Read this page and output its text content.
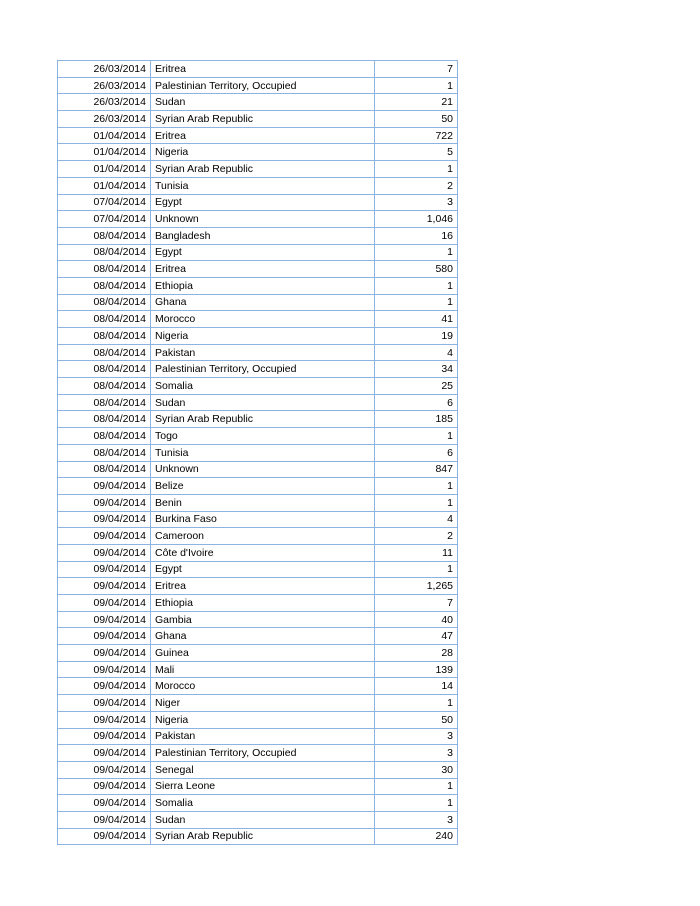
26/03/2014	Eritrea	7
26/03/2014	Palestinian Territory, Occupied	1
26/03/2014	Sudan	21
26/03/2014	Syrian Arab Republic	50
01/04/2014	Eritrea	722
01/04/2014	Nigeria	5
01/04/2014	Syrian Arab Republic	1
01/04/2014	Tunisia	2
07/04/2014	Egypt	3
07/04/2014	Unknown	1,046
08/04/2014	Bangladesh	16
08/04/2014	Egypt	1
08/04/2014	Eritrea	580
08/04/2014	Ethiopia	1
08/04/2014	Ghana	1
08/04/2014	Morocco	41
08/04/2014	Nigeria	19
08/04/2014	Pakistan	4
08/04/2014	Palestinian Territory, Occupied	34
08/04/2014	Somalia	25
08/04/2014	Sudan	6
08/04/2014	Syrian Arab Republic	185
08/04/2014	Togo	1
08/04/2014	Tunisia	6
08/04/2014	Unknown	847
09/04/2014	Belize	1
09/04/2014	Benin	1
09/04/2014	Burkina Faso	4
09/04/2014	Cameroon	2
09/04/2014	Côte d'Ivoire	11
09/04/2014	Egypt	1
09/04/2014	Eritrea	1,265
09/04/2014	Ethiopia	7
09/04/2014	Gambia	40
09/04/2014	Ghana	47
09/04/2014	Guinea	28
09/04/2014	Mali	139
09/04/2014	Morocco	14
09/04/2014	Niger	1
09/04/2014	Nigeria	50
09/04/2014	Pakistan	3
09/04/2014	Palestinian Territory, Occupied	3
09/04/2014	Senegal	30
09/04/2014	Sierra Leone	1
09/04/2014	Somalia	1
09/04/2014	Sudan	3
09/04/2014	Syrian Arab Republic	240
